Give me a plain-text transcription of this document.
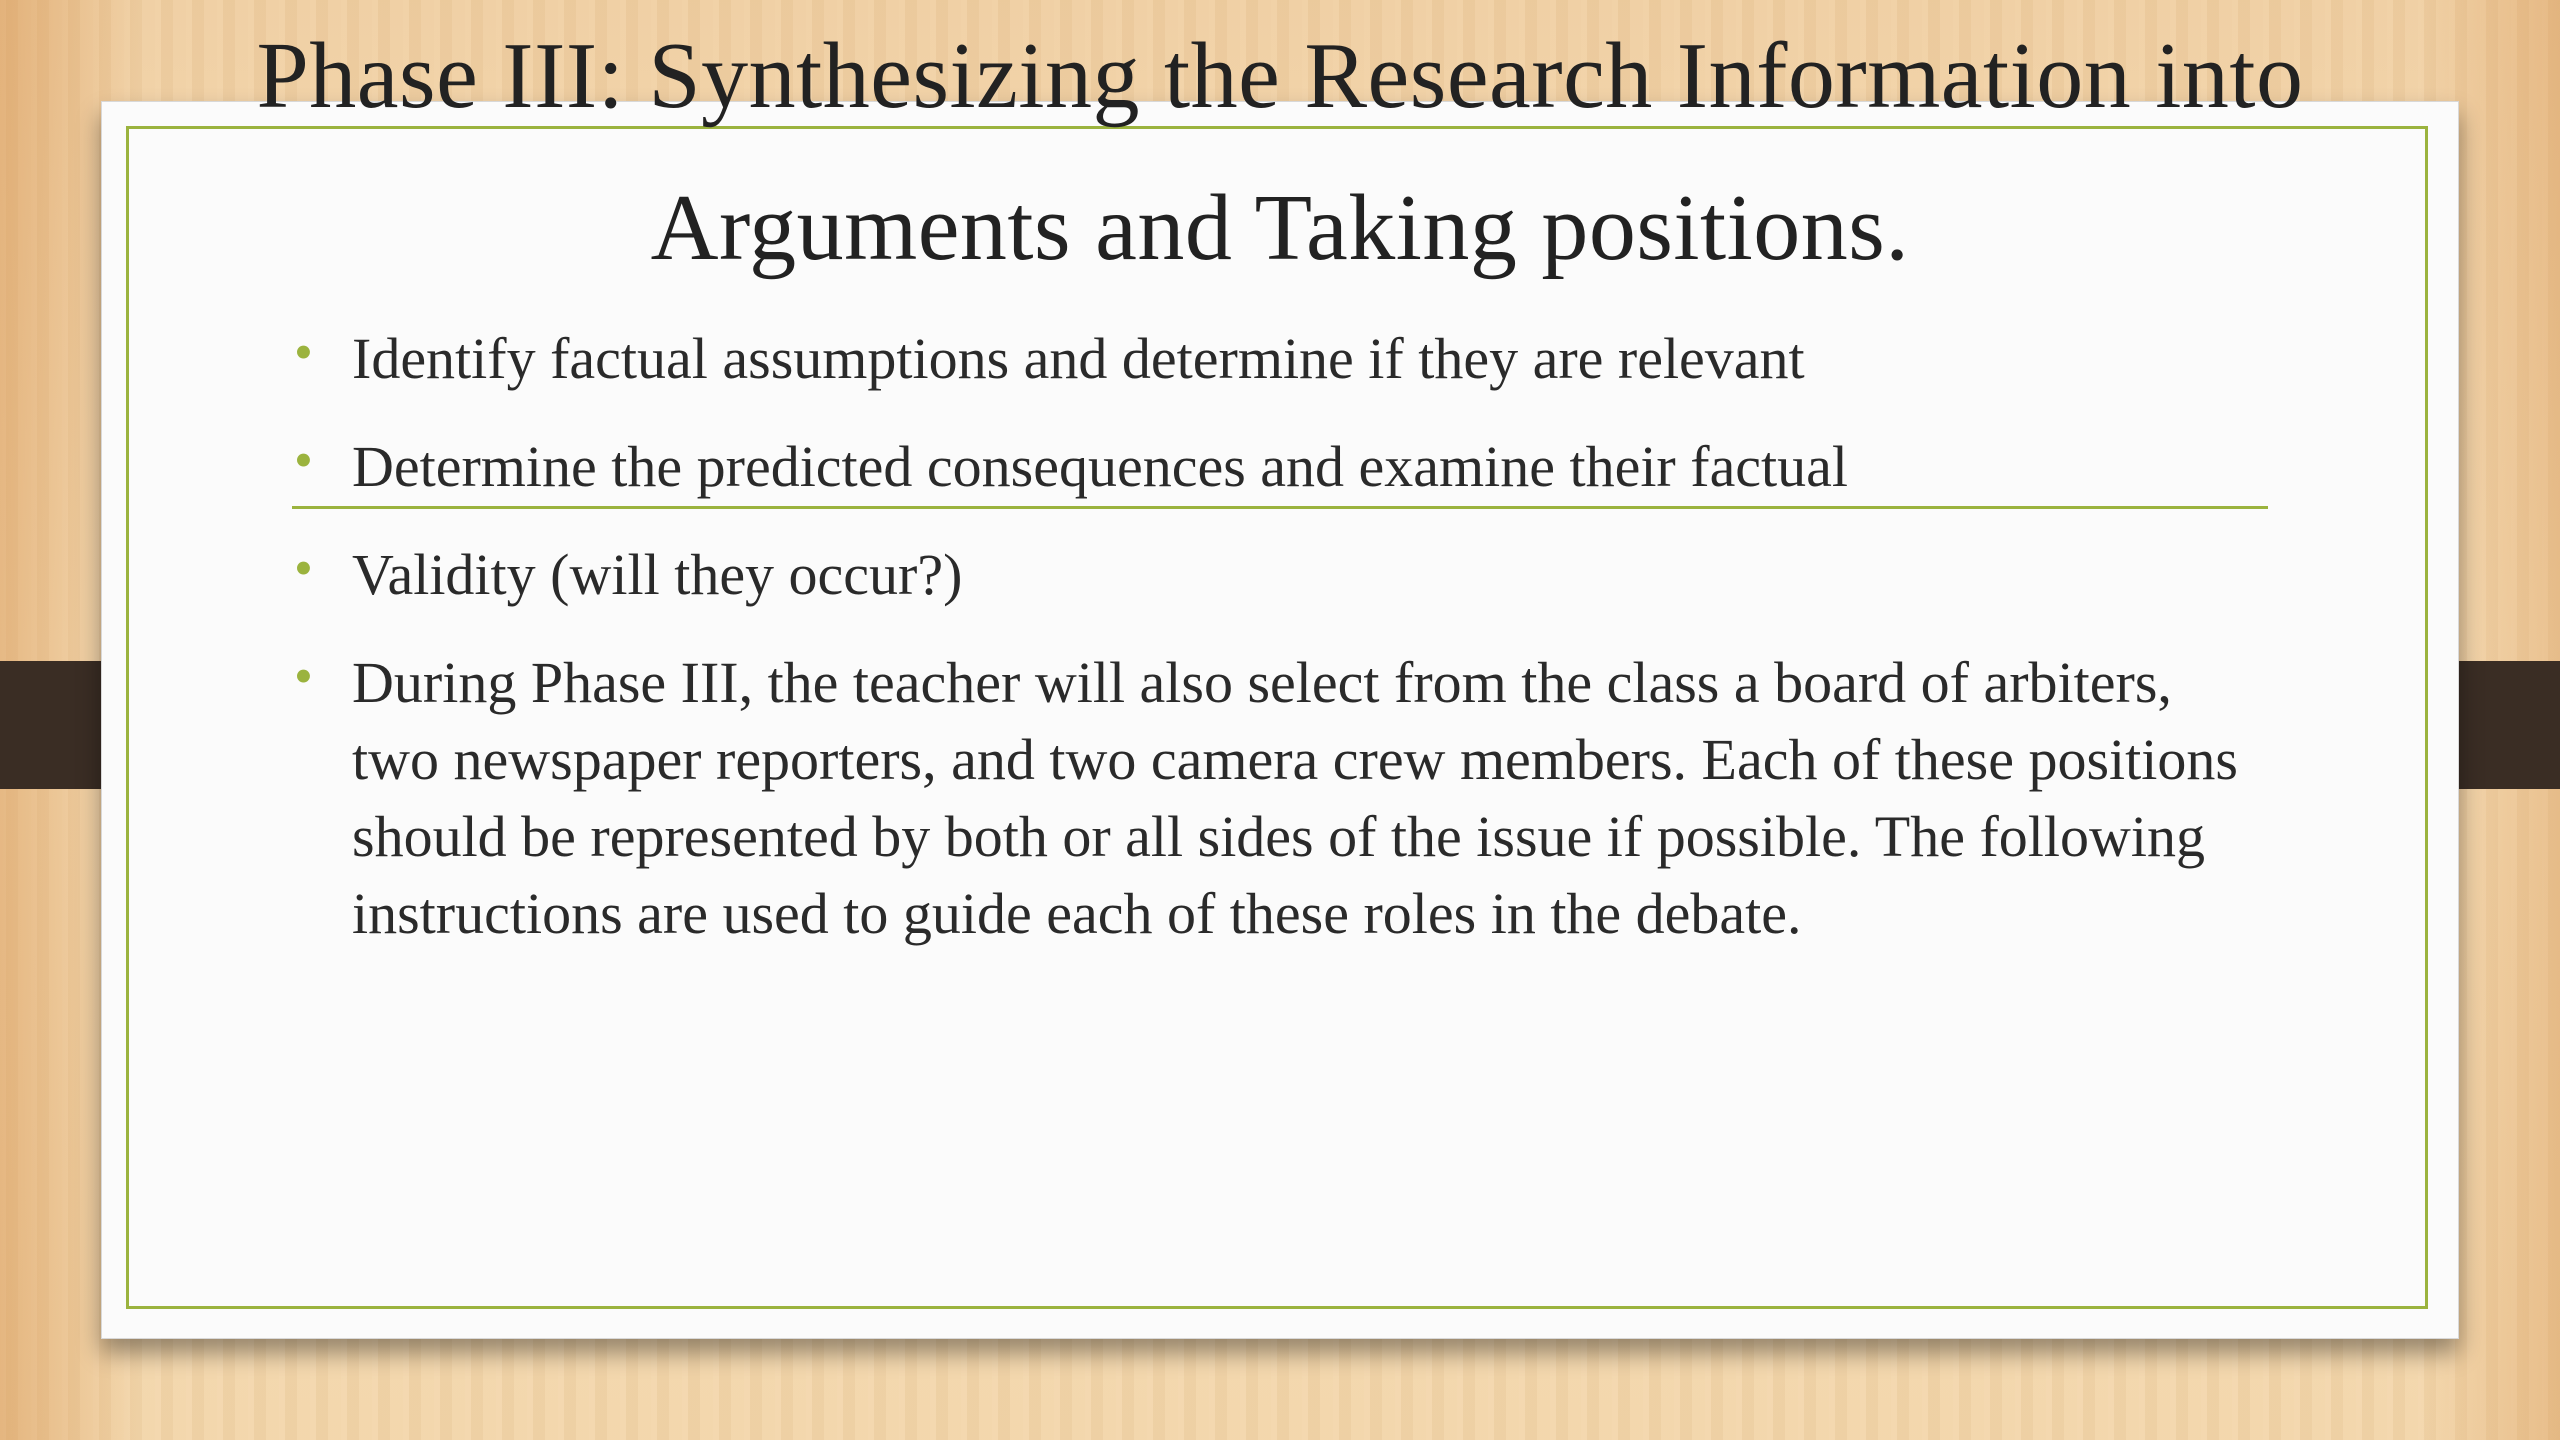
Phase III: Synthesizing the Research Information into
Arguments and Taking positions.
• Identify factual assumptions and determine if they are relevant
• Determine the predicted consequences and examine their factual
• Validity (will they occur?)
• During Phase III, the teacher will also select from the class a board of arbiters, two newspaper reporters, and two camera crew members. Each of these positions should be represented by both or all sides of the issue if possible. The following instructions are used to guide each of these roles in the debate.
